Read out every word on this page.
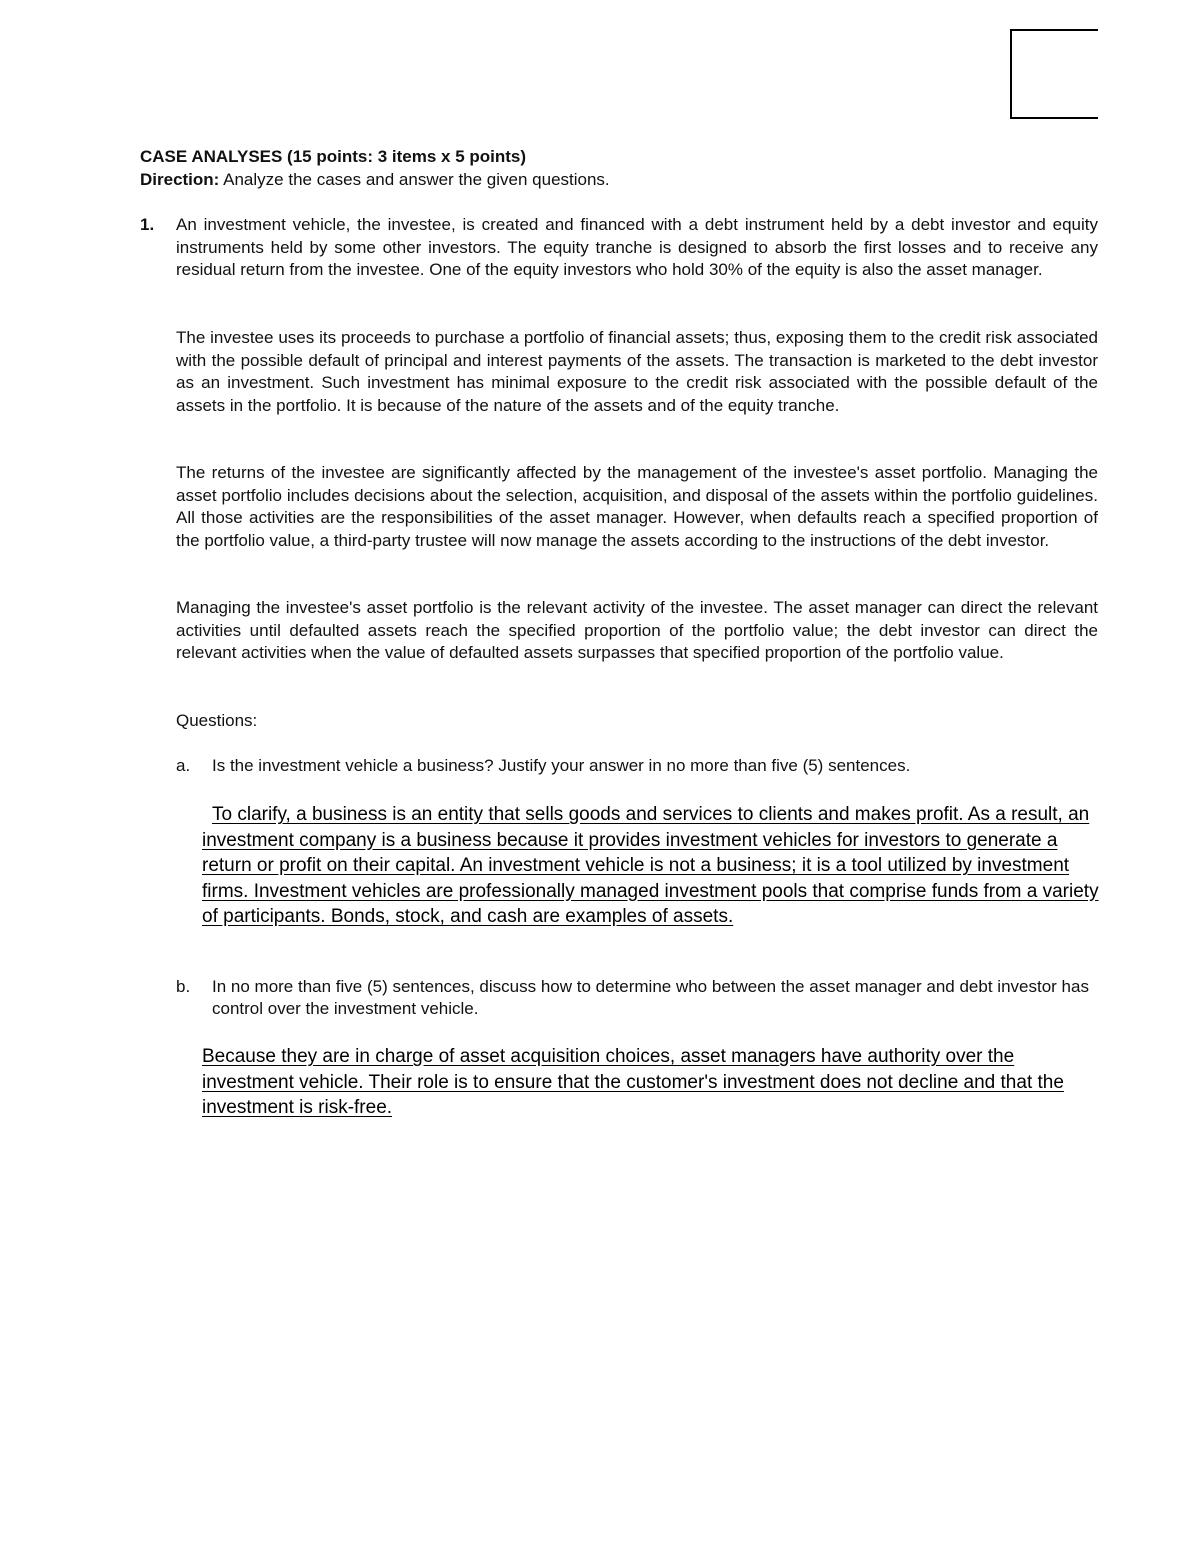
CASE ANALYSES (15 points: 3 items x 5 points)
Direction: Analyze the cases and answer the given questions.
1. An investment vehicle, the investee, is created and financed with a debt instrument held by a debt investor and equity instruments held by some other investors. The equity tranche is designed to absorb the first losses and to receive any residual return from the investee. One of the equity investors who hold 30% of the equity is also the asset manager.

The investee uses its proceeds to purchase a portfolio of financial assets; thus, exposing them to the credit risk associated with the possible default of principal and interest payments of the assets. The transaction is marketed to the debt investor as an investment. Such investment has minimal exposure to the credit risk associated with the possible default of the assets in the portfolio. It is because of the nature of the assets and of the equity tranche.

The returns of the investee are significantly affected by the management of the investee's asset portfolio. Managing the asset portfolio includes decisions about the selection, acquisition, and disposal of the assets within the portfolio guidelines. All those activities are the responsibilities of the asset manager. However, when defaults reach a specified proportion of the portfolio value, a third-party trustee will now manage the assets according to the instructions of the debt investor.

Managing the investee's asset portfolio is the relevant activity of the investee. The asset manager can direct the relevant activities until defaulted assets reach the specified proportion of the portfolio value; the debt investor can direct the relevant activities when the value of defaulted assets surpasses that specified proportion of the portfolio value.

Questions:
a. Is the investment vehicle a business? Justify your answer in no more than five (5) sentences.

To clarify, a business is an entity that sells goods and services to clients and makes profit. As a result, an investment company is a business because it provides investment vehicles for investors to generate a return or profit on their capital. An investment vehicle is not a business; it is a tool utilized by investment firms. Investment vehicles are professionally managed investment pools that comprise funds from a variety of participants. Bonds, stock, and cash are examples of assets.

b. In no more than five (5) sentences, discuss how to determine who between the asset manager and debt investor has control over the investment vehicle.

Because they are in charge of asset acquisition choices, asset managers have authority over the investment vehicle. Their role is to ensure that the customer's investment does not decline and that the investment is risk-free.
